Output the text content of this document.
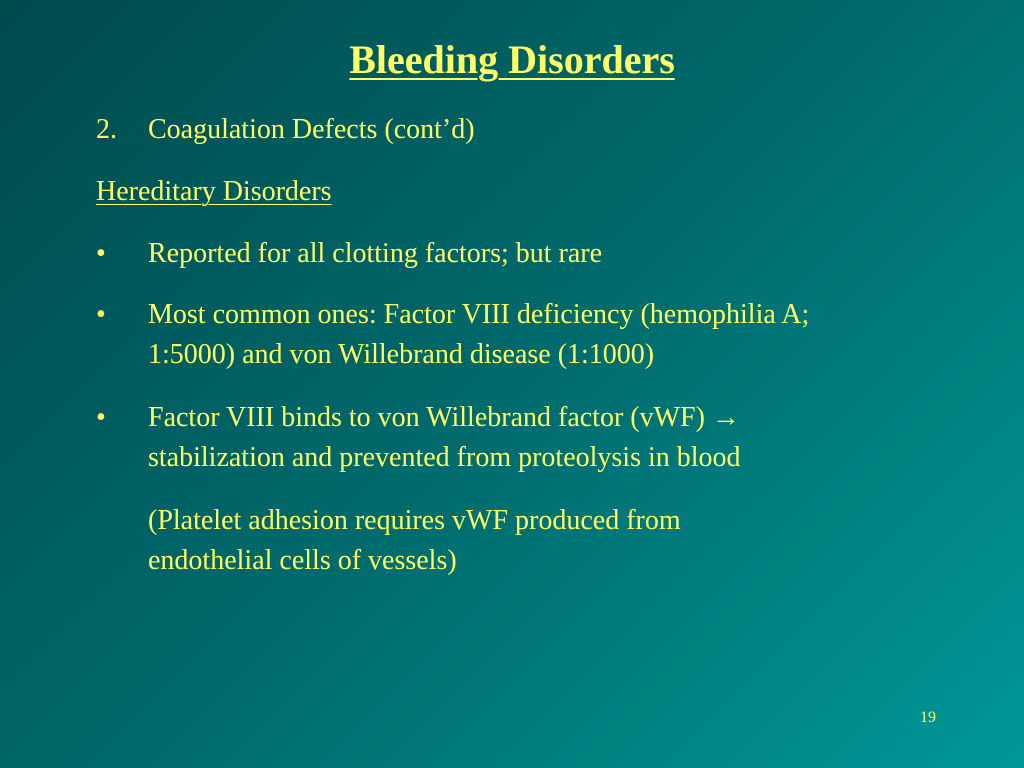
Bleeding Disorders
2. Coagulation Defects (cont’d)
Hereditary Disorders
• Reported for all clotting factors; but rare
• Most common ones: Factor VIII deficiency (hemophilia A;
1:5000) and von Willebrand disease (1:1000)
• Factor VIII binds to von Willebrand factor (vWF) →
stabilization and prevented from proteolysis in blood
(Platelet adhesion requires vWF produced from
endothelial cells of vessels)
19
